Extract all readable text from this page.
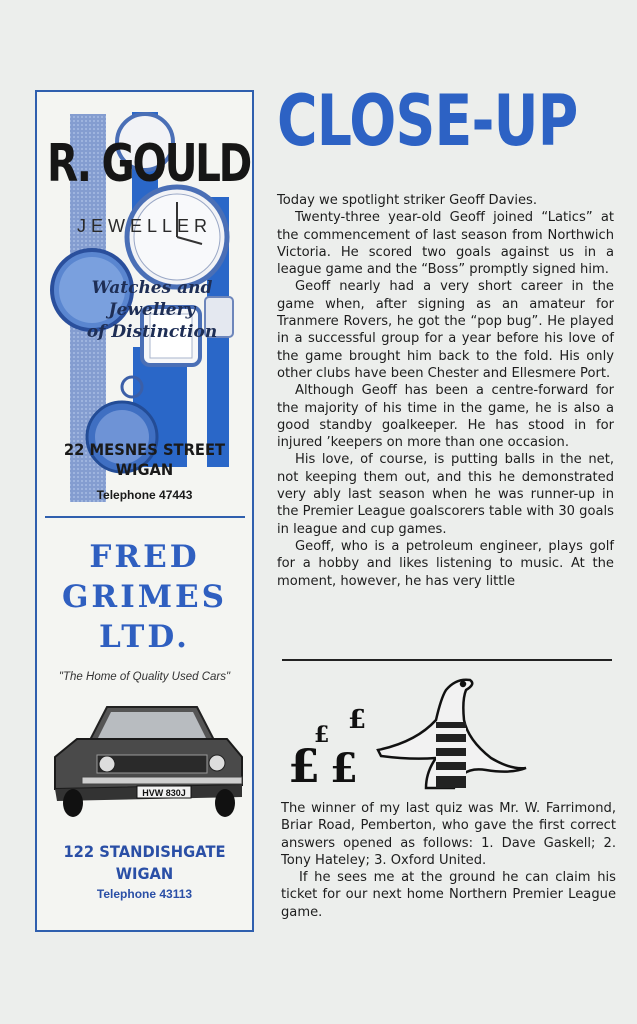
R. GOULD
JEWELLER
Watches and
Jewellery
of Distinction
22 MESNES STREET
WIGAN
Telephone 47443
FRED
GRIMES
LTD.
"The Home of Quality Used Cars"
HVW 830J
122 STANDISHGATE
WIGAN
Telephone 43113
CLOSE-UP

Today we spotlight striker Geoff Davies.

Twenty-three year-old Geoff joined “Latics” at the commencement of last season from Northwich Victoria. He scored two goals against us in a league game and the “Boss” promptly signed him.

Geoff nearly had a very short career in the game when, after signing as an amateur for Tranmere Rovers, he got the “pop bug”. He played in a successful group for a year before his love of the game brought him back to the fold. His only other clubs have been Chester and Ellesmere Port.

Although Geoff has been a centre-forward for the majority of his time in the game, he is also a good standby goalkeeper. He has stood in for injured ’keepers on more than one occasion.

His love, of course, is putting balls in the net, not keeping them out, and this he demonstrated very ably last season when he was runner-up in the Premier League goalscorers table with 30 goals in league and cup games.

Geoff, who is a petroleum engineer, plays golf for a hobby and likes listening to music. At the moment, however, he has very little

£ £
£ £

The winner of my last quiz was Mr. W. Farrimond, Briar Road, Pemberton, who gave the first correct answers opened as follows: 1. Dave Gaskell; 2. Tony Hateley; 3. Oxford United.

If he sees me at the ground he can claim his ticket for our next home Northern Premier League game.
